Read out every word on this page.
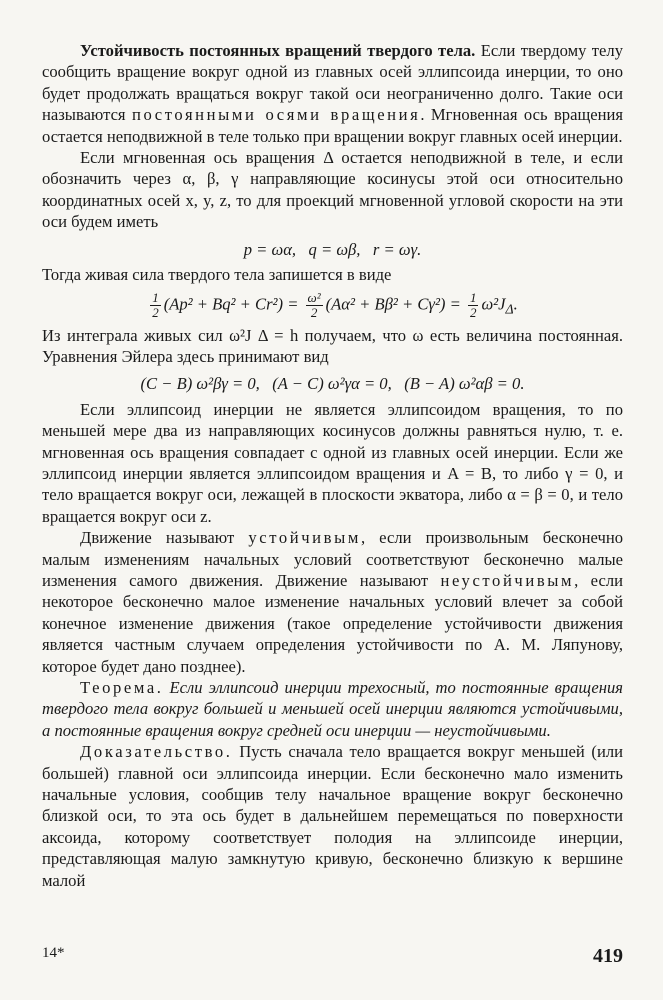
Устойчивость постоянных вращений твердого тела. Если твердому телу сообщить вращение вокруг одной из главных осей эллипсоида инерции, то оно будет продолжать вращаться вокруг такой оси неограниченно долго. Такие оси называются постоянными осями вращения. Мгновенная ось вращения остается неподвижной в теле только при вращении вокруг главных осей инерции.

Если мгновенная ось вращения Δ остается неподвижной в теле, и если обозначить через α, β, γ направляющие косинусы этой оси относительно координатных осей x, y, z, то для проекций мгновенной угловой скорости на эти оси будем иметь

p = ωα,   q = ωβ,   r = ωγ.

Тогда живая сила твердого тела запишется в виде

$\frac{1}{2} (Ap^2 + Bq^2 + Cr^2) = \frac{\text{ω²}}{2} (A\alpha^2 + B\beta^2 + C\gamma^2) = \frac{1}{2} \omega^2J_\Delta$.

Из интеграла живых сил ω²J Δ = h получаем, что ω есть величина постоянная. Уравнения Эйлера здесь принимают вид

(C − B) ω²βγ = 0,   (A − C) ω²γα = 0,   (B − A) ω²αβ = 0.

Если эллипсоид инерции не является эллипсоидом вращения, то по меньшей мере два из направляющих косинусов должны равняться нулю, т. е. мгновенная ось вращения совпадает с одной из главных осей инерции. Если же эллипсоид инерции является эллипсоидом вращения и A = B, то либо γ = 0, и тело вращается вокруг оси, лежащей в плоскости экватора, либо α = β = 0, и тело вращается вокруг оси z.

Движение называют устойчивым, если произвольным бесконечно малым изменениям начальных условий соответствуют бесконечно малые изменения самого движения. Движение называют неустойчивым, если некоторое бесконечно малое изменение начальных условий влечет за собой конечное изменение движения (такое определение устойчивости движения является частным случаем определения устойчивости по А. М. Ляпунову, которое будет дано позднее).

Теорема. Если эллипсоид инерции трехосный, то постоянные вращения твердого тела вокруг большей и меньшей осей инерции являются устойчивыми, а постоянные вращения вокруг средней оси инерции — неустойчивыми.

Доказательство. Пусть сначала тело вращается вокруг меньшей (или большей) главной оси эллипсоида инерции. Если бесконечно мало изменить начальные условия, сообщив телу начальное вращение вокруг бесконечно близкой оси, то эта ось будет в дальнейшем перемещаться по поверхности аксоида, которому соответствует полодия на эллипсоиде инерции, представляющая малую замкнутую кривую, бесконечно близкую к вершине малой

14*	419
